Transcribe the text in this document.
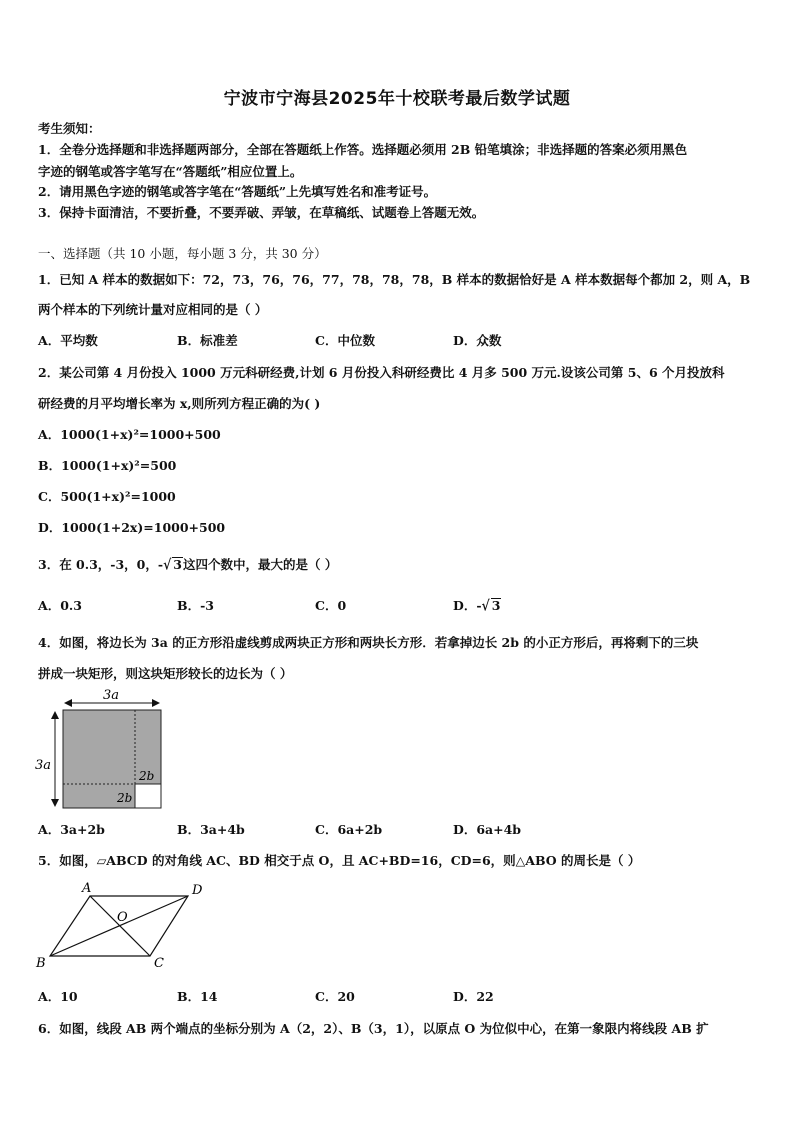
宁波市宁海县2025年十校联考最后数学试题
考生须知：
1．全卷分选择题和非选择题两部分，全部在答题纸上作答。选择题必须用 2B 铅笔填涂；非选择题的答案必须用黑色
字迹的钢笔或答字笔写在“答题纸”相应位置上。
2．请用黑色字迹的钢笔或答字笔在“答题纸”上先填写姓名和准考证号。
3．保持卡面清洁，不要折叠，不要弄破、弄皱，在草稿纸、试题卷上答题无效。
一、选择题（共 10 小题，每小题 3 分，共 30 分）
1．已知 A 样本的数据如下：72，73，76，76，77，78，78，78，B 样本的数据恰好是 A 样本数据每个都加 2，则 A，B
两个样本的下列统计量对应相同的是（ ）
A．平均数	B．标准差	C．中位数	D．众数
2．某公司第 4 月份投入 1000 万元科研经费,计划 6 月份投入科研经费比 4 月多 500 万元.设该公司第 5、6 个月投放科
研经费的月平均增长率为 x,则所列方程正确的为( )
A．1000(1+x)²=1000+500
B．1000(1+x)²=500
C．500(1+x)²=1000
D．1000(1+2x)=1000+500
3．在 0.3，-3，0，-√ 3这四个数中，最大的是（ ）
A．0.3	B．-3	C．0	D．-√ 3
4．如图，将边长为 3a 的正方形沿虚线剪成两块正方形和两块长方形．若拿掉边长 2b 的小正方形后，再将剩下的三块
拼成一块矩形，则这块矩形较长的边长为（ ）
3a
3a
2b
2b
A．3a+2b	B．3a+4b	C．6a+2b	D．6a+4b
5．如图，▱ABCD 的对角线 AC、BD 相交于点 O，且 AC+BD=16，CD=6，则△ABO 的周长是（ ）
A	D
O
B	C
A．10	B．14	C．20	D．22
6．如图，线段 AB 两个端点的坐标分别为 A（2，2）、B（3，1），以原点 O 为位似中心，在第一象限内将线段 AB 扩
